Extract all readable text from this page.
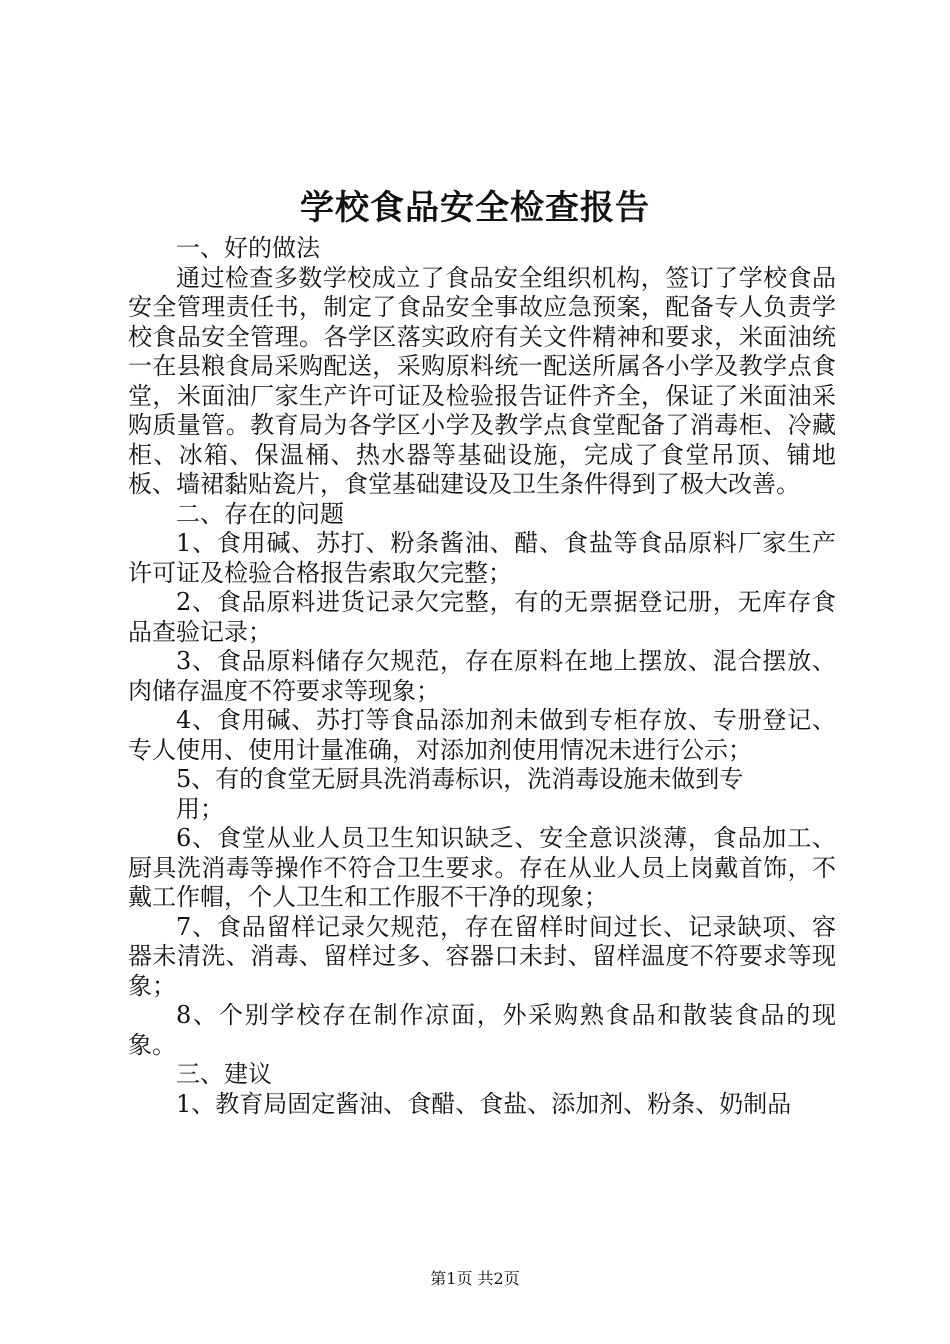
学校食品安全检查报告

一、好的做法

通过检查多数学校成立了食品安全组织机构，签订了学校食品安全管理责任书，制定了食品安全事故应急预案，配备专人负责学校食品安全管理。各学区落实政府有关文件精神和要求，米面油统一在县粮食局采购配送，采购原料统一配送所属各小学及教学点食堂，米面油厂家生产许可证及检验报告证件齐全，保证了米面油采购质量管。教育局为各学区小学及教学点食堂配备了消毒柜、冷藏柜、冰箱、保温桶、热水器等基础设施，完成了食堂吊顶、铺地板、墙裙黏贴瓷片，食堂基础建设及卫生条件得到了极大改善。

二、存在的问题

1、食用碱、苏打、粉条酱油、醋、食盐等食品原料厂家生产许可证及检验合格报告索取欠完整；

2、食品原料进货记录欠完整，有的无票据登记册，无库存食品查验记录；

3、食品原料储存欠规范，存在原料在地上摆放、混合摆放、肉储存温度不符要求等现象；

4、食用碱、苏打等食品添加剂未做到专柜存放、专册登记、专人使用、使用计量准确，对添加剂使用情况未进行公示；

5、有的食堂无厨具洗消毒标识，洗消毒设施未做到专

用；

6、食堂从业人员卫生知识缺乏、安全意识淡薄，食品加工、厨具洗消毒等操作不符合卫生要求。存在从业人员上岗戴首饰，不戴工作帽，个人卫生和工作服不干净的现象；

7、食品留样记录欠规范，存在留样时间过长、记录缺项、容器未清洗、消毒、留样过多、容器口未封、留样温度不符要求等现象；

8、个别学校存在制作凉面，外采购熟食品和散装食品的现象。

三、建议

1、教育局固定酱油、食醋、食盐、添加剂、粉条、奶制品

第1页 共2页
